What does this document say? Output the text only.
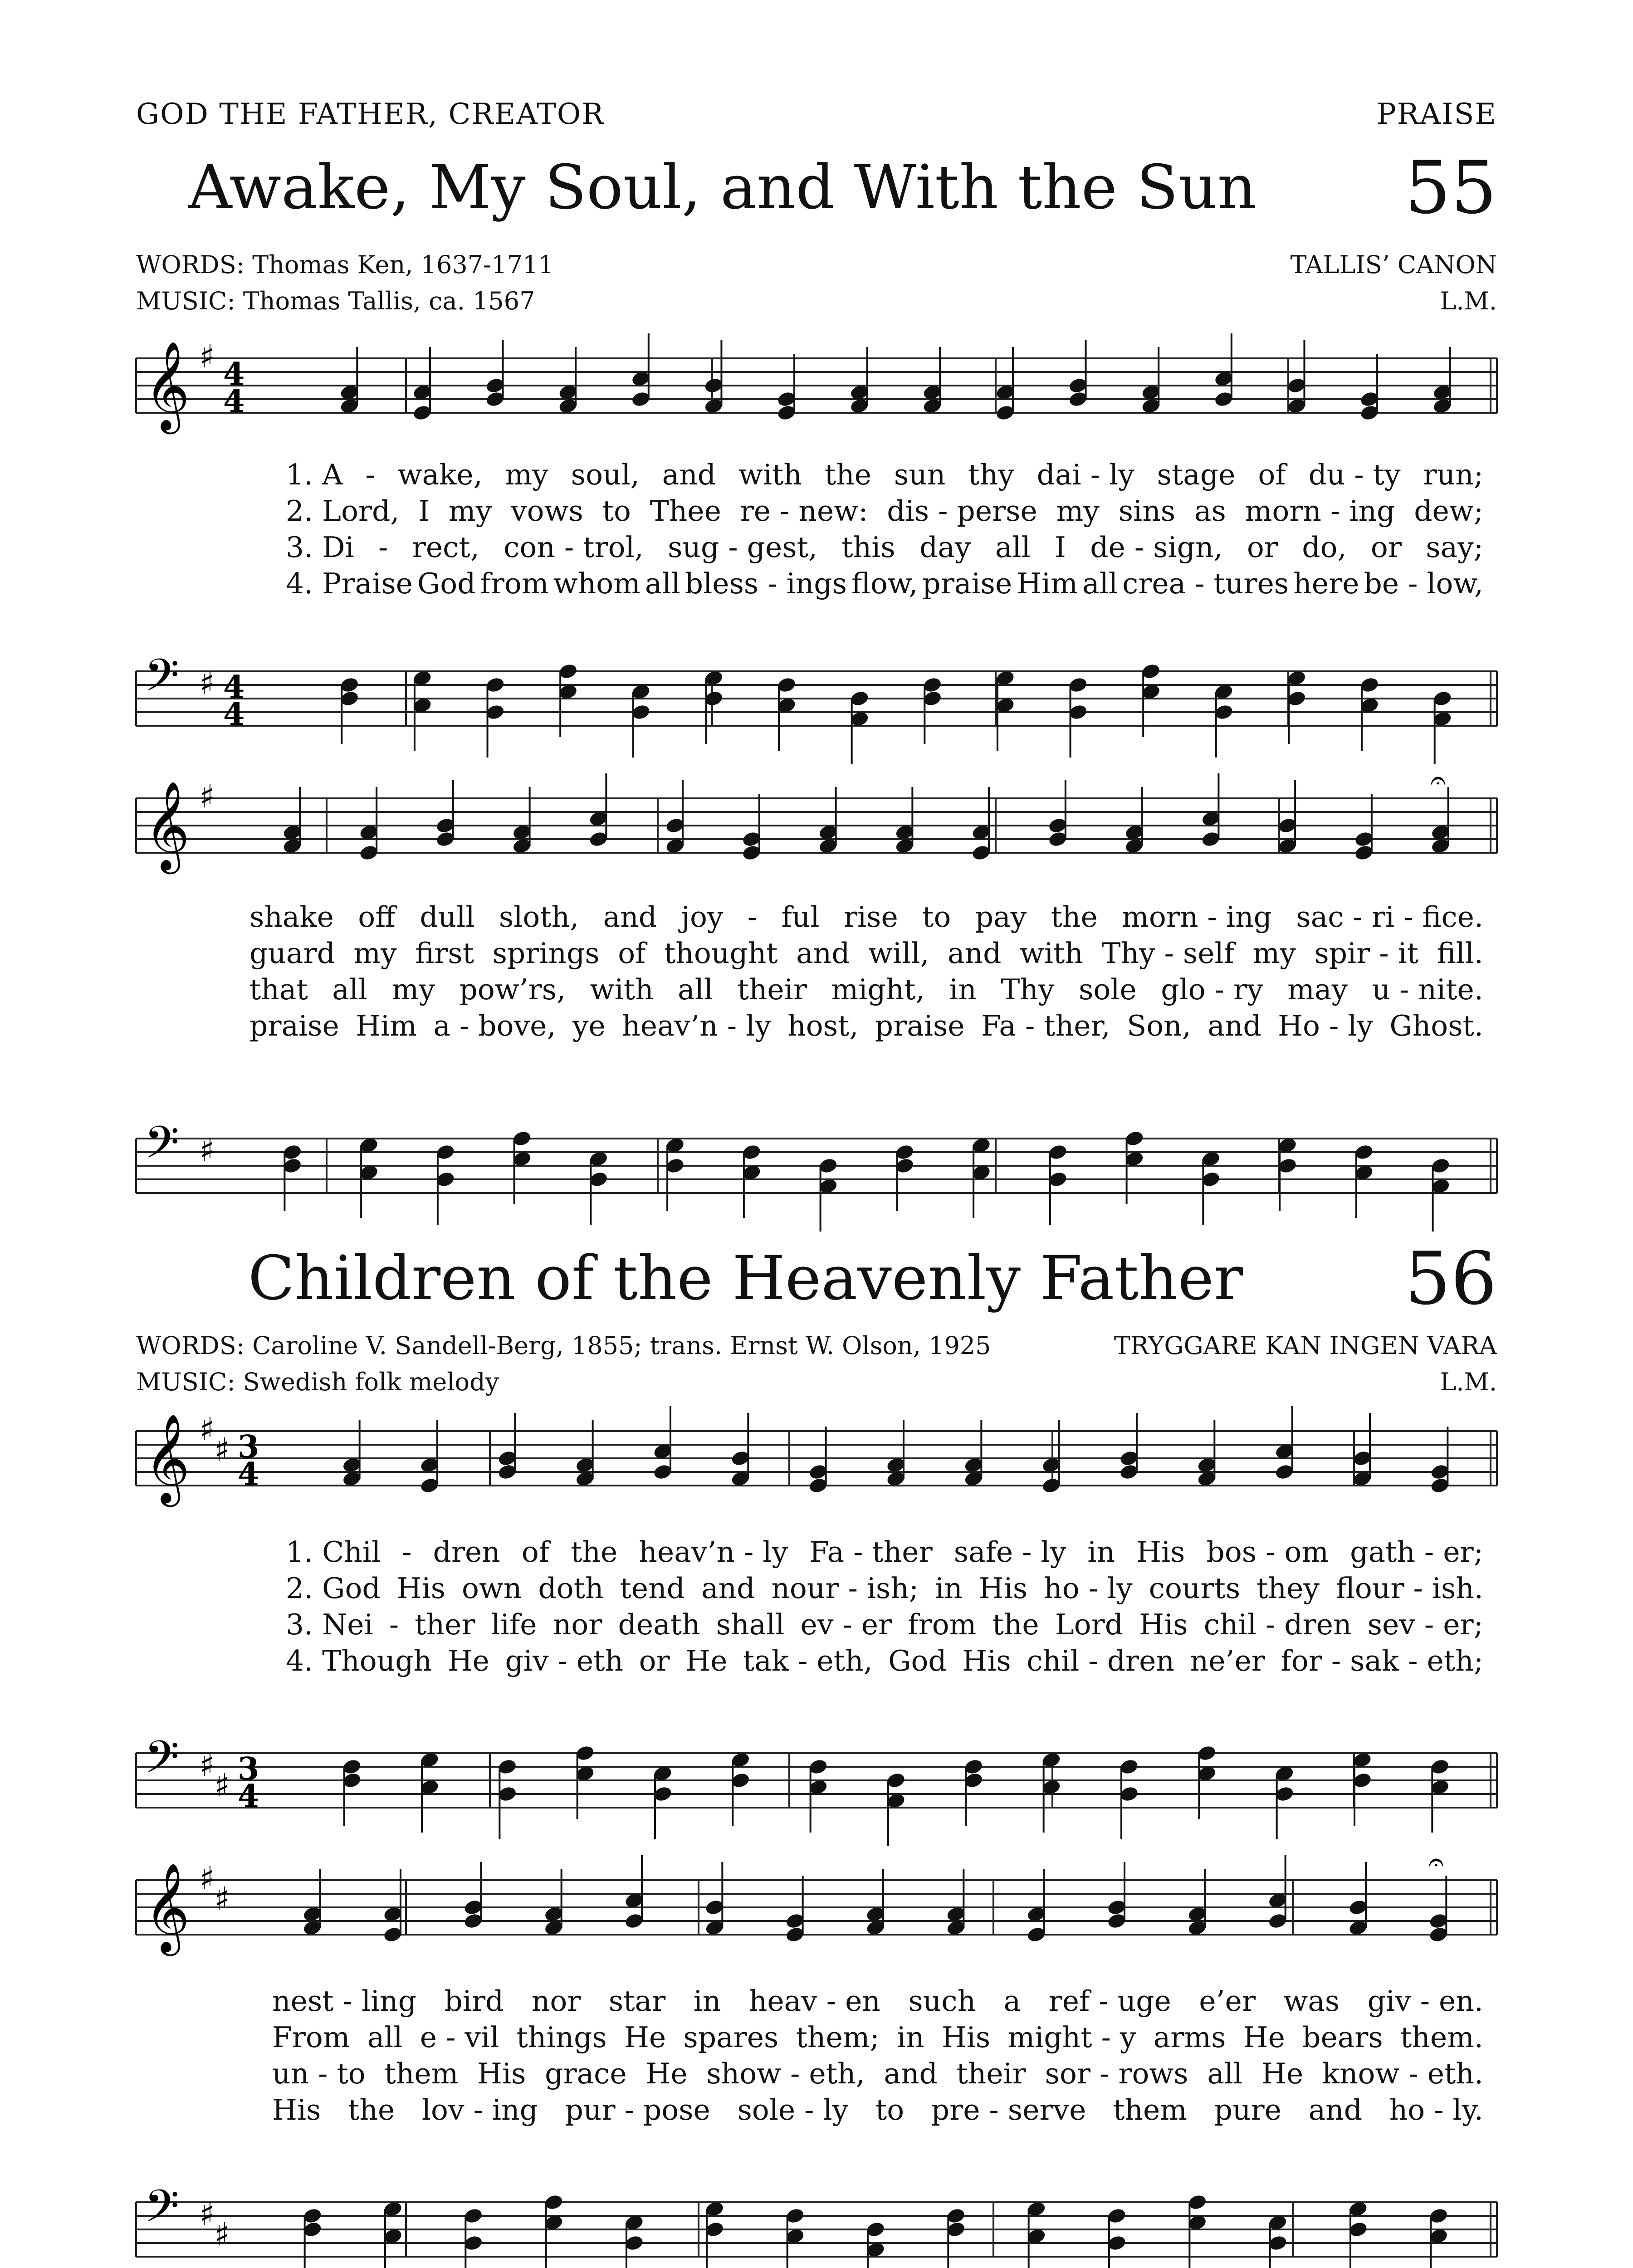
GOD THE FATHER, CREATOR	PRAISE
Awake, My Soul, and With the Sun 55
WORDS: Thomas Ken, 1637-1711
MUSIC: Thomas Tallis, ca. 1567
TALLIS’ CANON
L.M.
Children of the Heavenly Father 56
WORDS: Caroline V. Sandell-Berg, 1855; trans. Ernst W. Olson, 1925
MUSIC: Swedish folk melody
TRYGGARE KAN INGEN VARA
L.M.
𝄞 ♯ 4
4
𝄢 ♯ 4
4
𝄞 ♯
𝄢 ♯
𝄐
𝄞 ♯
♯ 3
4
𝄢 ♯
♯ 3
4
𝄞 ♯
♯
𝄢 ♯
♯
𝄐
1. A - wake, my soul, and with the sun thy dai - ly stage of du - ty run;
2. Lord, I my vows to Thee re - new: dis - perse my sins as morn - ing dew;
3. Di - rect, con - trol, sug - gest, this day all I de - sign, or do, or say;
4. Praise God from whom all bless - ings flow, praise Him all crea - tures here be - low,
shake off dull sloth, and joy - ful rise to pay the morn - ing sac - ri - fice.
guard my first springs of thought and will, and with Thy - self my spir - it fill.
that all my pow’rs, with all their might, in Thy sole glo - ry may u - nite.
praise Him a - bove, ye heav’n - ly host, praise Fa - ther, Son, and Ho - ly Ghost.
1. Chil - dren of the heav’n - ly Fa - ther safe - ly in His bos - om gath - er;
2. God His own doth tend and nour - ish; in His ho - ly courts they flour - ish.
3. Nei - ther life nor death shall ev - er from the Lord His chil - dren sev - er;
4. Though He giv - eth or He tak - eth, God His chil - dren ne’er for - sak - eth;
nest - ling bird nor star in heav - en such a ref - uge e’er was giv - en.
From all e - vil things He spares them; in His might - y arms He bears them.
un - to them His grace He show - eth, and their sor - rows all He know - eth.
His the lov - ing pur - pose sole - ly to pre - serve them pure and ho - ly.
